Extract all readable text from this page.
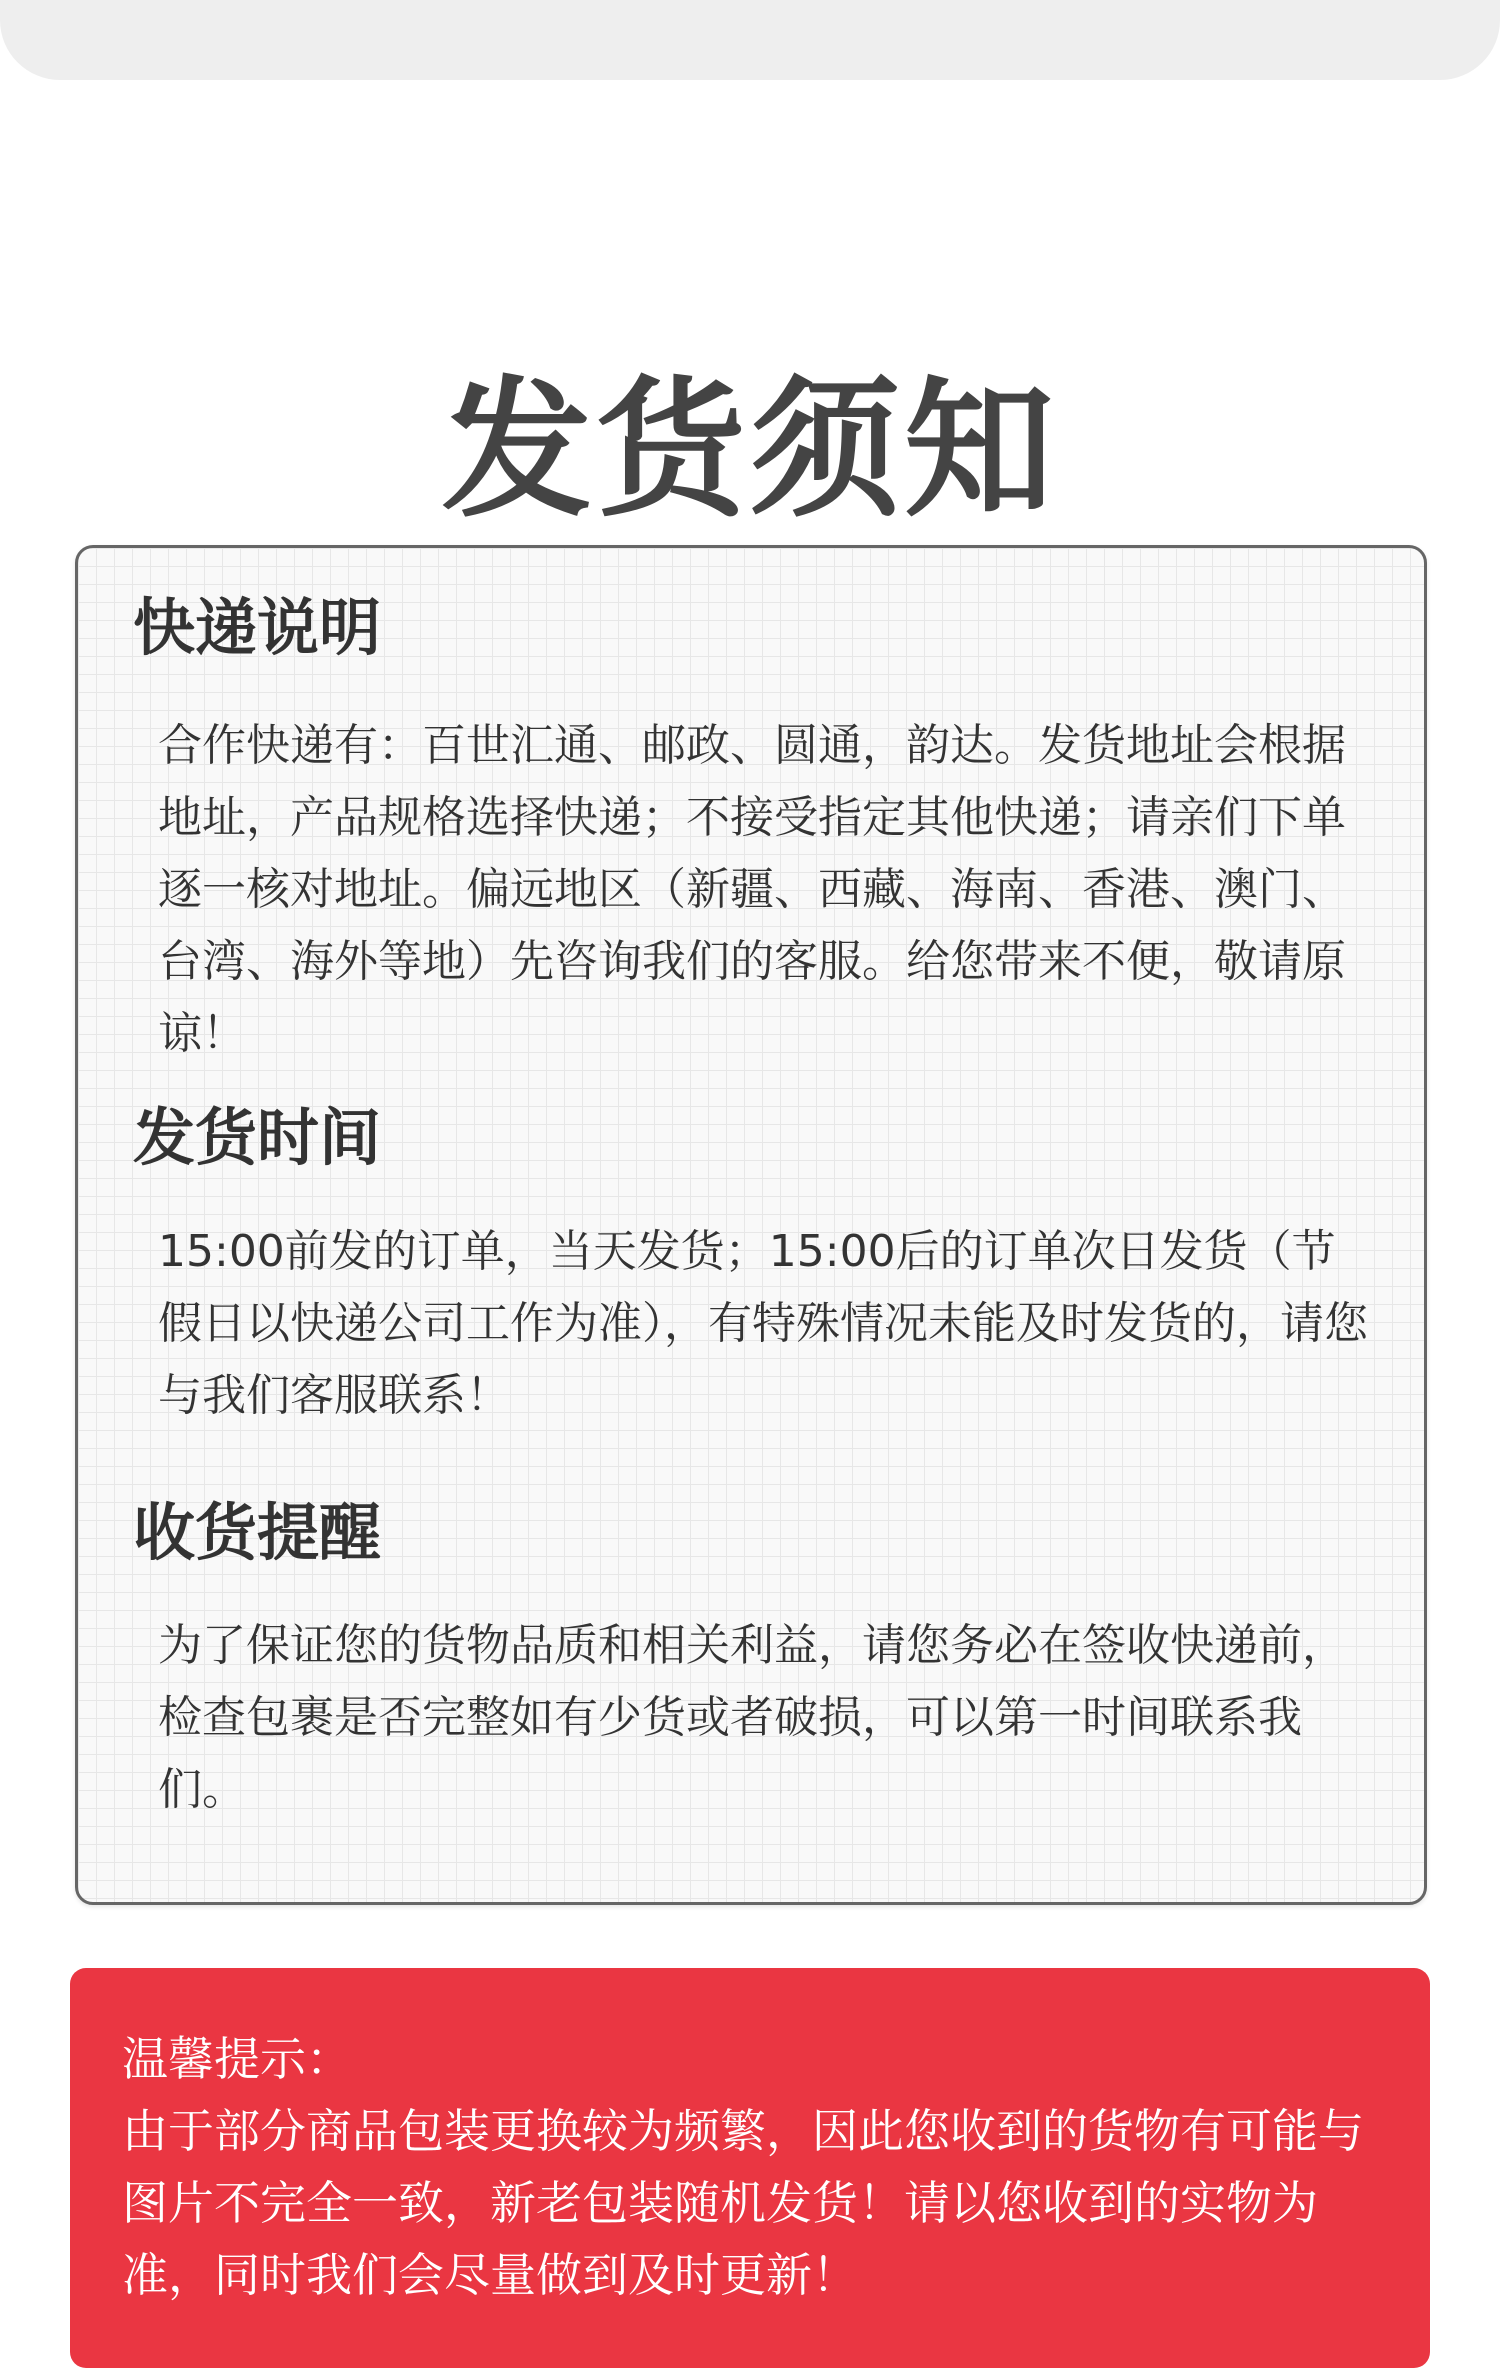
发货须知
快递说明

合作快递有：百世汇通、邮政、圆通，韵达。发货地址会根据地址，产品规格选择快递；不接受指定其他快递；请亲们下单逐一核对地址。偏远地区（新疆、西藏、海南、香港、澳门、台湾、海外等地）先咨询我们的客服。给您带来不便，敬请原谅！

发货时间

15:00前发的订单，当天发货；15:00后的订单次日发货（节假日以快递公司工作为准），有特殊情况未能及时发货的，请您与我们客服联系！

收货提醒

为了保证您的货物品质和相关利益，请您务必在签收快递前，检查包裹是否完整如有少货或者破损，可以第一时间联系我们。

温馨提示：

由于部分商品包装更换较为频繁，因此您收到的货物有可能与图片不完全一致，新老包装随机发货！请以您收到的实物为准，同时我们会尽量做到及时更新！
